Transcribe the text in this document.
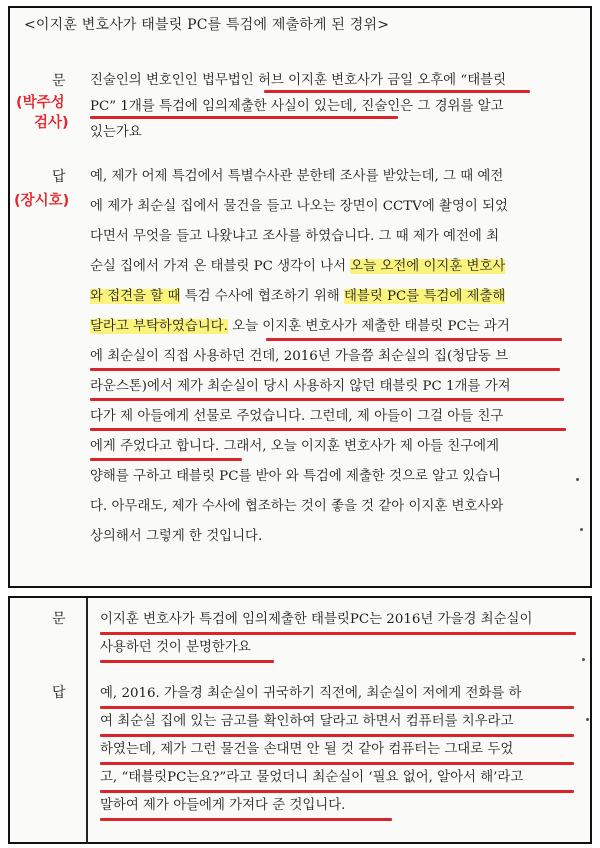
<이지훈 변호사가 태블릿 PC를 특검에 제출하게 된 경위>
문
(박주성
검사)
진술인의 변호인인 법무법인 허브 이지훈 변호사가 금일 오후에 “태블릿
PC” 1개를 특검에 임의제출한 사실이 있는데, 진술인은 그 경위를 알고
있는가요
답
(장시호)
예, 제가 어제 특검에서 특별수사관 분한테 조사를 받았는데, 그 때 예전
에 제가 최순실 집에서 물건을 들고 나오는 장면이 CCTV에 촬영이 되었
다면서 무엇을 들고 나왔냐고 조사를 하였습니다. 그 때 제가 예전에 최
순실 집에서 가져 온 태블릿 PC 생각이 나서 오늘 오전에 이지훈 변호사
와 접견을 할 때 특검 수사에 협조하기 위해 태블릿 PC를 특검에 제출해
달라고 부탁하였습니다. 오늘 이지훈 변호사가 제출한 태블릿 PC는 과거
에 최순실이 직접 사용하던 건데, 2016년 가을쯤 최순실의 집(청담동 브
라운스톤)에서 제가 최순실이 당시 사용하지 않던 태블릿 PC 1개를 가져
다가 제 아들에게 선물로 주었습니다. 그런데, 제 아들이 그걸 아들 친구
에게 주었다고 합니다. 그래서, 오늘 이지훈 변호사가 제 아들 친구에게
양해를 구하고 태블릿 PC를 받아 와 특검에 제출한 것으로 알고 있습니
다. 아무래도, 제가 수사에 협조하는 것이 좋을 것 같아 이지훈 변호사와
상의해서 그렇게 한 것입니다.
문	이지훈 변호사가 특검에 임의제출한 태블릿PC는 2016년 가을경 최순실이
사용하던 것이 분명한가요
답	예, 2016. 가을경 최순실이 귀국하기 직전에, 최순실이 저에게 전화를 하
여 최순실 집에 있는 금고를 확인하여 달라고 하면서 컴퓨터를 치우라고
하였는데, 제가 그런 물건을 손대면 안 될 것 같아 컴퓨터는 그대로 두었
고, “태블릿PC는요?”라고 물었더니 최순실이 ‘필요 없어, 알아서 해’라고
말하여 제가 아들에게 가져다 준 것입니다.
